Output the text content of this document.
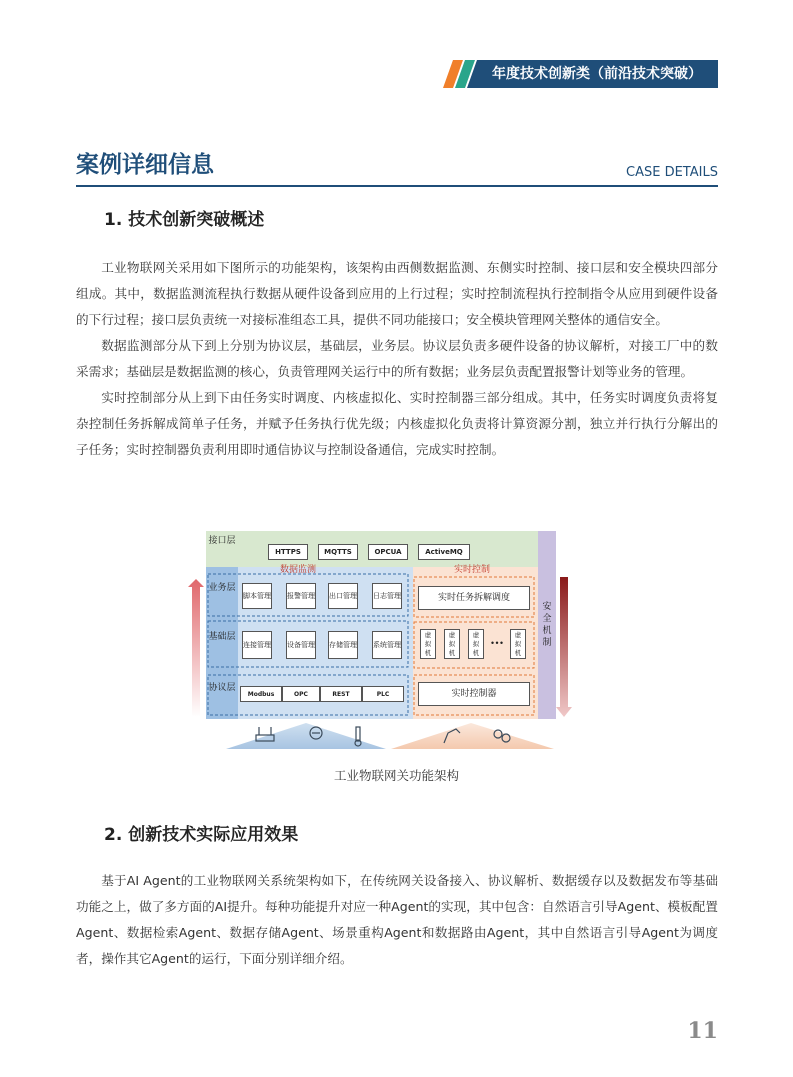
年度技术创新类（前沿技术突破）
案例详细信息	CASE DETAILS
1. 技术创新突破概述

工业物联网关采用如下图所示的功能架构，该架构由西侧数据监测、东侧实时控制、接口层和安全模块四部分组成。其中，数据监测流程执行数据从硬件设备到应用的上行过程；实时控制流程执行控制指令从应用到硬件设备的下行过程；接口层负责统一对接标准组态工具，提供不同功能接口；安全模块管理网关整体的通信安全。

数据监测部分从下到上分别为协议层，基础层，业务层。协议层负责多硬件设备的协议解析，对接工厂中的数采需求；基础层是数据监测的核心，负责管理网关运行中的所有数据；业务层负责配置报警计划等业务的管理。

实时控制部分从上到下由任务实时调度、内核虚拟化、实时控制器三部分组成。其中，任务实时调度负责将复杂控制任务拆解成简单子任务，并赋予任务执行优先级；内核虚拟化负责将计算资源分割，独立并行执行分解出的子任务；实时控制器负责利用即时通信协议与控制设备通信，完成实时控制。

接口层
HTTPS	MQTTS	OPCUA	ActiveMQ
数据监测	实时控制
业务层
基础层
协议层
脚本管理 报警管理 出口管理 日志管理
连接管理 设备管理 存储管理 系统管理
Modbus	OPC	REST	PLC
实时任务拆解调度
虚拟机
虚拟机
虚拟机
...	虚拟机
实时控制器
安全机制
工业物联网关功能架构
2. 创新技术实际应用效果

基于AI Agent的工业物联网关系统架构如下，在传统网关设备接入、协议解析、数据缓存以及数据发布等基础功能之上，做了多方面的AI提升。每种功能提升对应一种Agent的实现，其中包含：自然语言引导Agent、模板配置Agent、数据检索Agent、数据存储Agent、场景重构Agent和数据路由Agent，其中自然语言引导Agent为调度者，操作其它Agent的运行，下面分别详细介绍。

11
